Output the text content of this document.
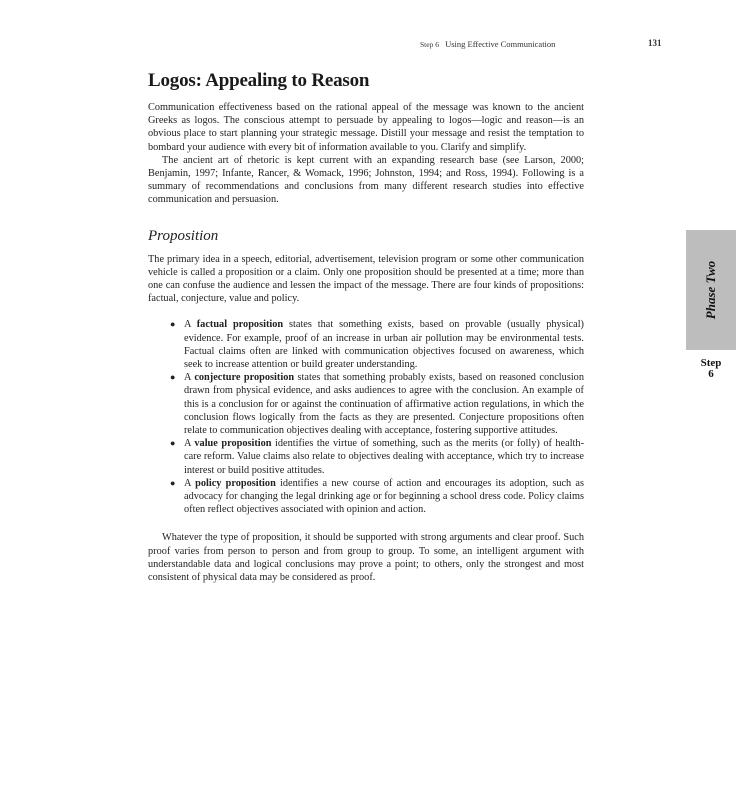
Step 6 Using Effective Communication	131
Logos: Appealing to Reason

Communication effectiveness based on the rational appeal of the message was known to the ancient Greeks as logos. The conscious attempt to persuade by appealing to logos—logic and reason—is an obvious place to start planning your strategic message. Distill your message and resist the temptation to bombard your audience with every bit of information available to you. Clarify and simplify.

The ancient art of rhetoric is kept current with an expanding research base (see Larson, 2000; Benjamin, 1997; Infante, Rancer, & Womack, 1996; Johnston, 1994; and Ross, 1994). Following is a summary of recommendations and conclusions from many different research studies into effective communication and persuasion.

Proposition

The primary idea in a speech, editorial, advertisement, television program or some other communication vehicle is called a proposition or a claim. Only one proposition should be presented at a time; more than one can confuse the audience and lessen the impact of the message. There are four kinds of propositions: factual, conjecture, value and policy.

● A factual proposition states that something exists, based on provable (usually physical) evidence. For example, proof of an increase in urban air pollution may be environmental tests. Factual claims often are linked with communication objectives focused on awareness, which seek to increase attention or build greater understanding.
● A conjecture proposition states that something probably exists, based on reasoned conclusion drawn from physical evidence, and asks audiences to agree with the conclusion. An example of this is a conclusion for or against the continuation of affirmative action regulations, in which the conclusion flows logically from the facts as they are presented. Conjecture propositions often relate to communication objectives dealing with acceptance, fostering supportive attitudes.
● A value proposition identifies the virtue of something, such as the merits (or folly) of health-care reform. Value claims also relate to objectives dealing with acceptance, which try to increase interest or build positive attitudes.
● A policy proposition identifies a new course of action and encourages its adoption, such as advocacy for changing the legal drinking age or for beginning a school dress code. Policy claims often reflect objectives associated with opinion and action.

Whatever the type of proposition, it should be supported with strong arguments and clear proof. Such proof varies from person to person and from group to group. To some, an intelligent argument with understandable data and logical conclusions may prove a point; to others, only the strongest and most consistent of physical data may be considered as proof.

Phase Two
Step
6
